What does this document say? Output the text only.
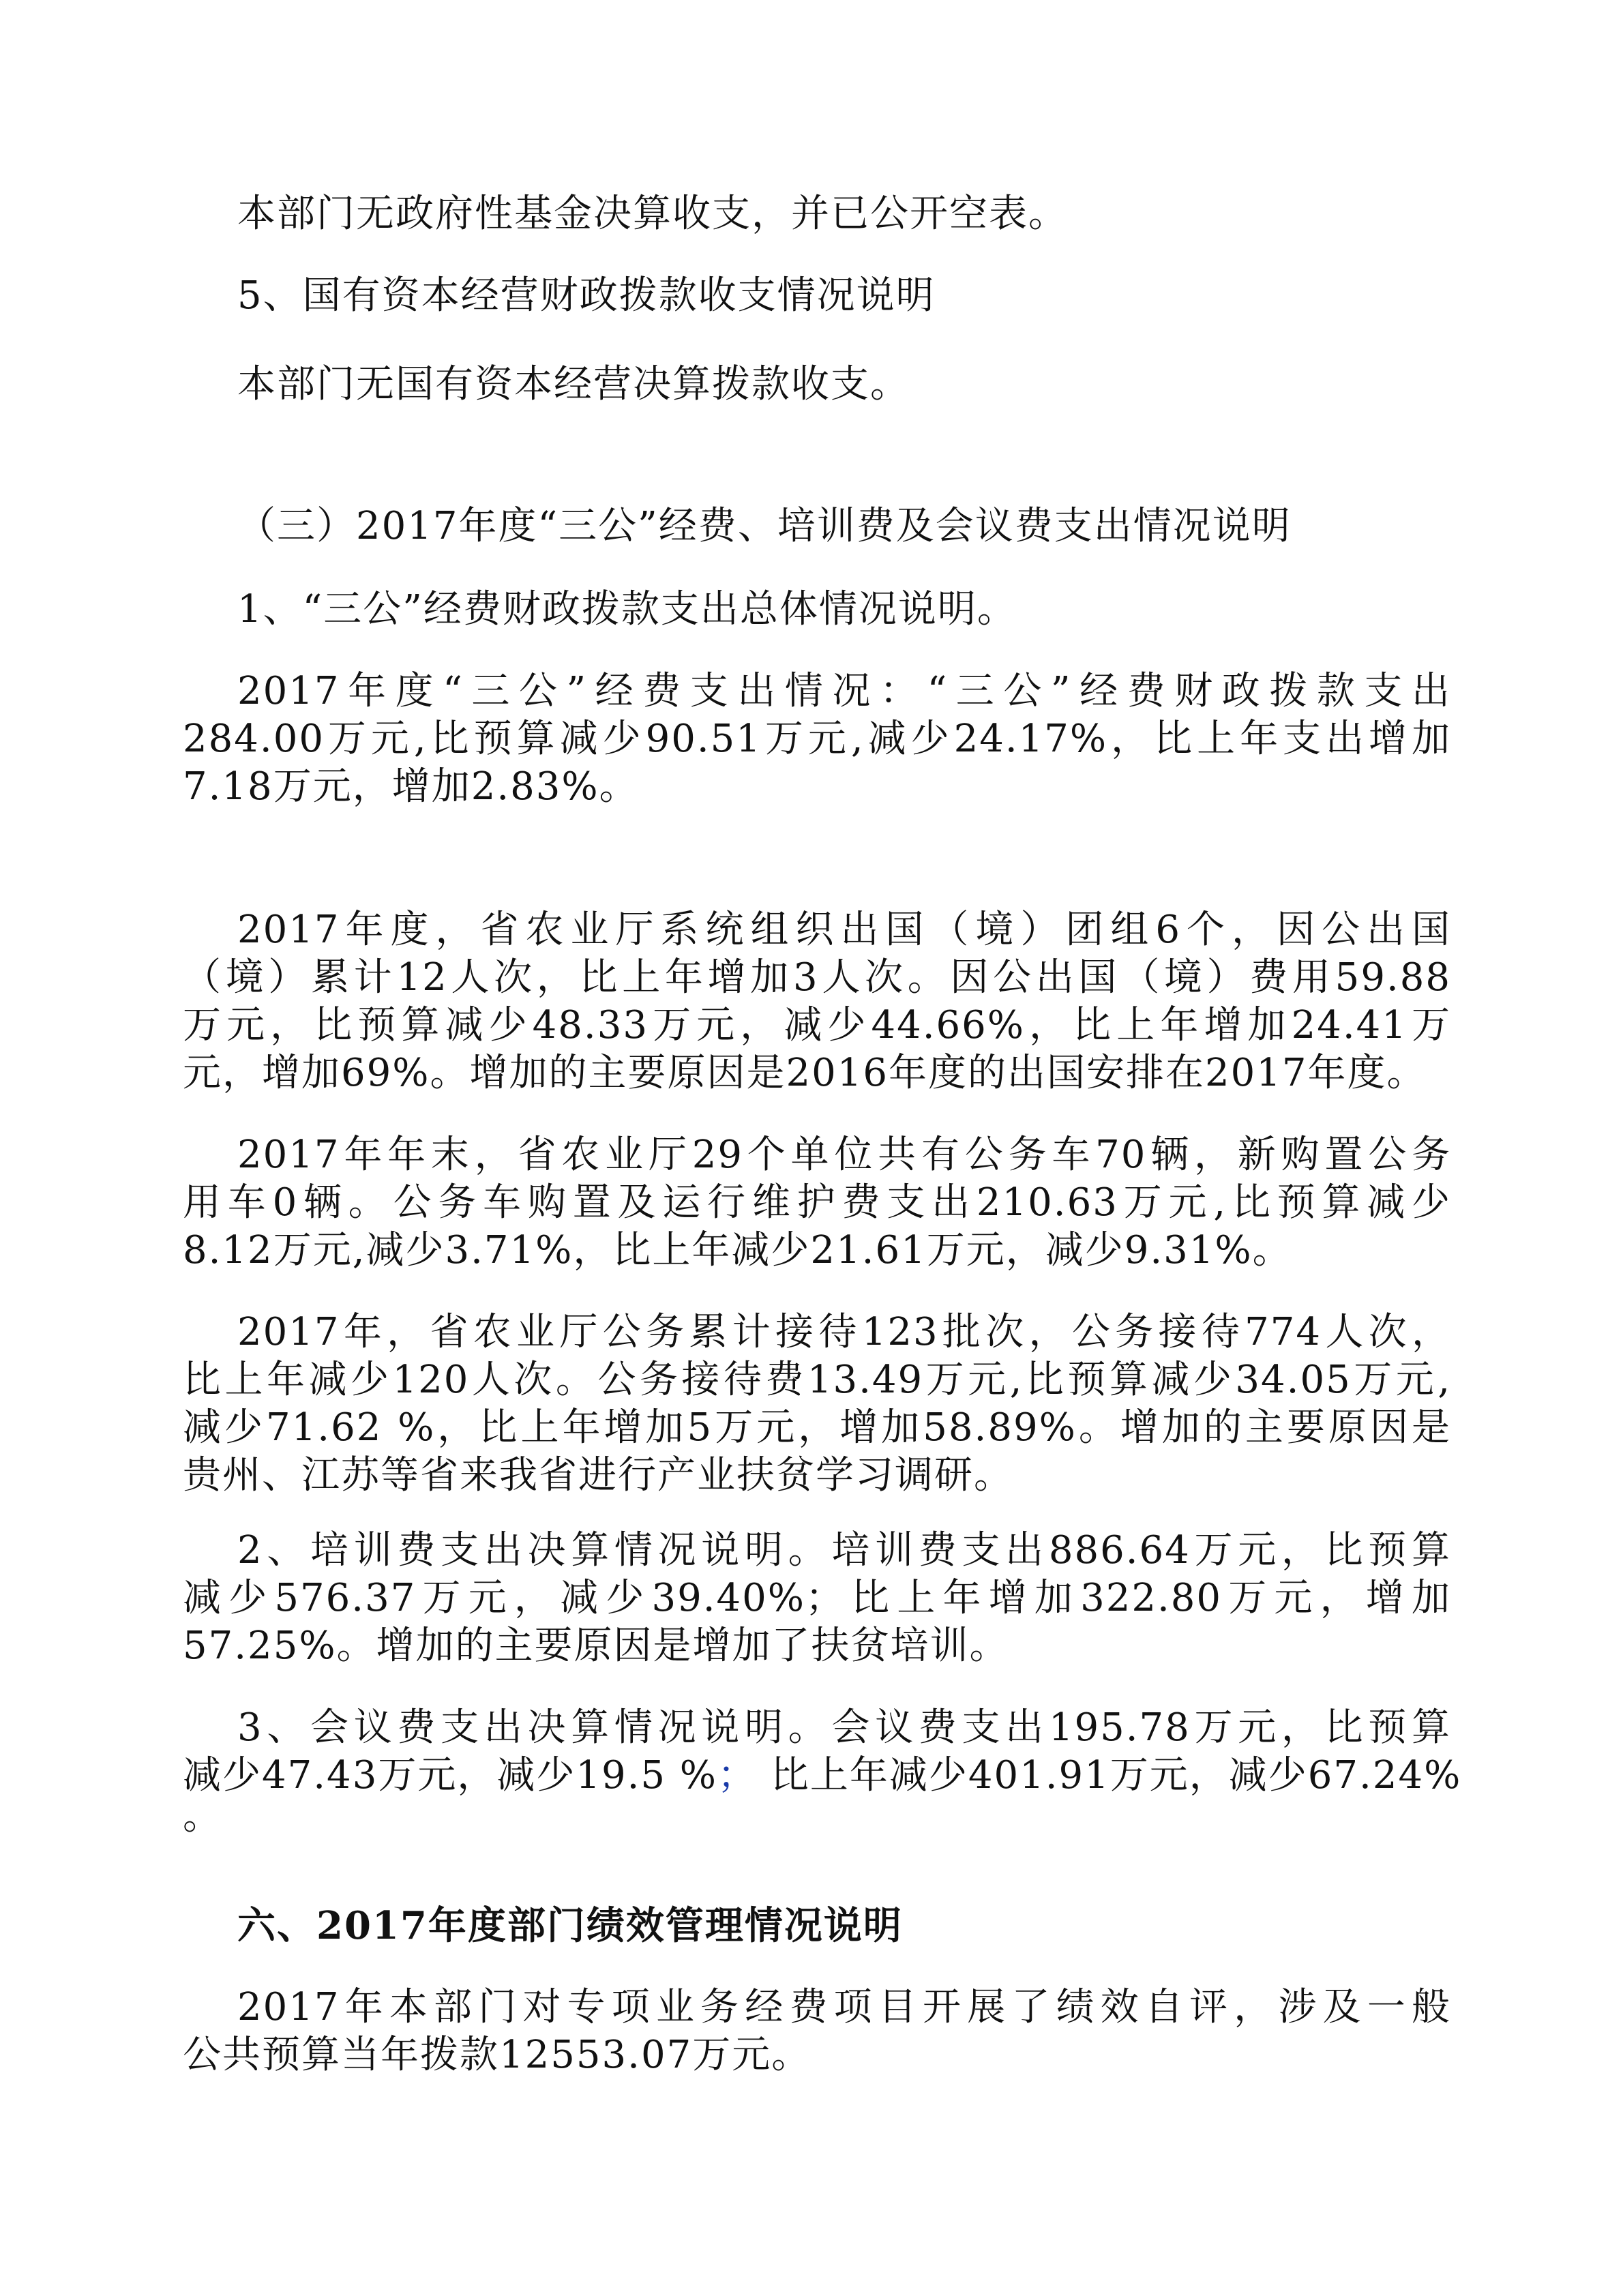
本部门无政府性基金决算收支，并已公开空表。

5、国有资本经营财政拨款收支情况说明

本部门无国有资本经营决算拨款收支。

（三）2017年度“三公”经费、培训费及会议费支出情况说明

1、“三公”经费财政拨款支出总体情况说明。

2017年度“三公”经费支出情况：“三公”经费财政拨款支出

284.00万元,比预算减少90.51万元,减少24.17%，比上年支出增加

7.18万元，增加2.83%。

2017年度，省农业厅系统组织出国（境）团组6个，因公出国

（境）累计12人次，比上年增加3人次。因公出国（境）费用59.88

万元，比预算减少48.33万元，减少44.66%，比上年增加24.41万

元，增加69%。增加的主要原因是2016年度的出国安排在2017年度。

2017年年末，省农业厅29个单位共有公务车70辆，新购置公务

用车0辆。公务车购置及运行维护费支出210.63万元,比预算减少

8.12万元,减少3.71%，比上年减少21.61万元，减少9.31%。

2017年，省农业厅公务累计接待123批次，公务接待774人次，

比上年减少120人次。公务接待费13.49万元,比预算减少34.05万元,

减少71.62 %，比上年增加5万元，增加58.89%。增加的主要原因是

贵州、江苏等省来我省进行产业扶贫学习调研。

2、培训费支出决算情况说明。培训费支出886.64万元，比预算

减少576.37万元，减少39.40%；比上年增加322.80万元，增加

57.25%。增加的主要原因是增加了扶贫培训。

3、会议费支出决算情况说明。会议费支出195.78万元，比预算

减少47.43万元，减少19.5 %； 比上年减少401.91万元，减少67.24%

。

六、2017年度部门绩效管理情况说明

2017年本部门对专项业务经费项目开展了绩效自评，涉及一般

公共预算当年拨款12553.07万元。
